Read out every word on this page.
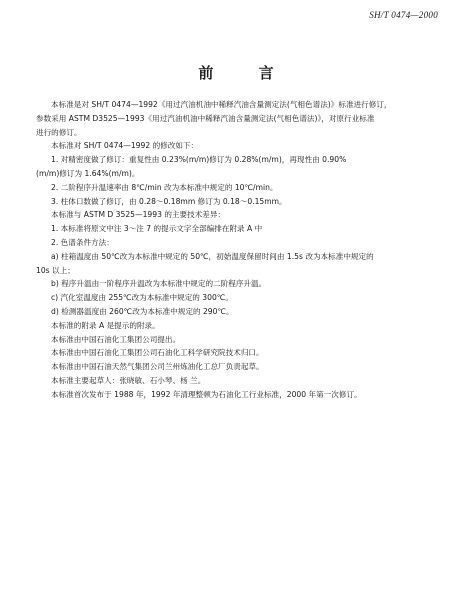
SH/T 0474—2000
前 言

本标准是对 SH/T 0474—1992《用过汽油机油中稀释汽油含量测定法(气相色谱法)》标准进行修订，

参数采用 ASTM D3525—1993《用过汽油机油中稀释汽油含量测定法(气相色谱法)》，对原行业标准

进行的修订。

本标准对 SH/T 0474—1992 的修改如下：

1. 对精密度做了修订：重复性由 0.23%(m/m)修订为 0.28%(m/m)，再现性由 0.90%

(m/m)修订为 1.64%(m/m)。

2. 二阶程序升温速率由 8℃/min 改为本标准中规定的 10℃/min。

3. 柱体口数做了修订，由 0.28～0.18mm 修订为 0.18～0.15mm。

本标准与 ASTM D 3525—1993 的主要技术差异：

1. 本标准将原文中注 3～注 7 的提示文字全部编排在附录 A 中

2. 色谱条件方法：

a) 柱箱温度由 50℃改为本标准中规定的 50℃，初始温度保留时间由 1.5s 改为本标准中规定的

10s 以上；

b) 程序升温由一阶程序升温改为本标准中规定的二阶程序升温。

c) 汽化室温度由 255℃改为本标准中规定的 300℃。

d) 检测器温度由 260℃改为本标准中规定的 290℃。

本标准的附录 A 是提示的附录。

本标准由中国石油化工集团公司提出。

本标准由中国石油化工集团公司石油化工科学研究院技术归口。

本标准由中国石油天然气集团公司兰州炼油化工总厂负责起草。

本标准主要起草人：张晓敏、石小琴、杨 兰。

本标准首次发布于 1988 年，1992 年清理整顿为石油化工行业标准，2000 年第一次修订。
